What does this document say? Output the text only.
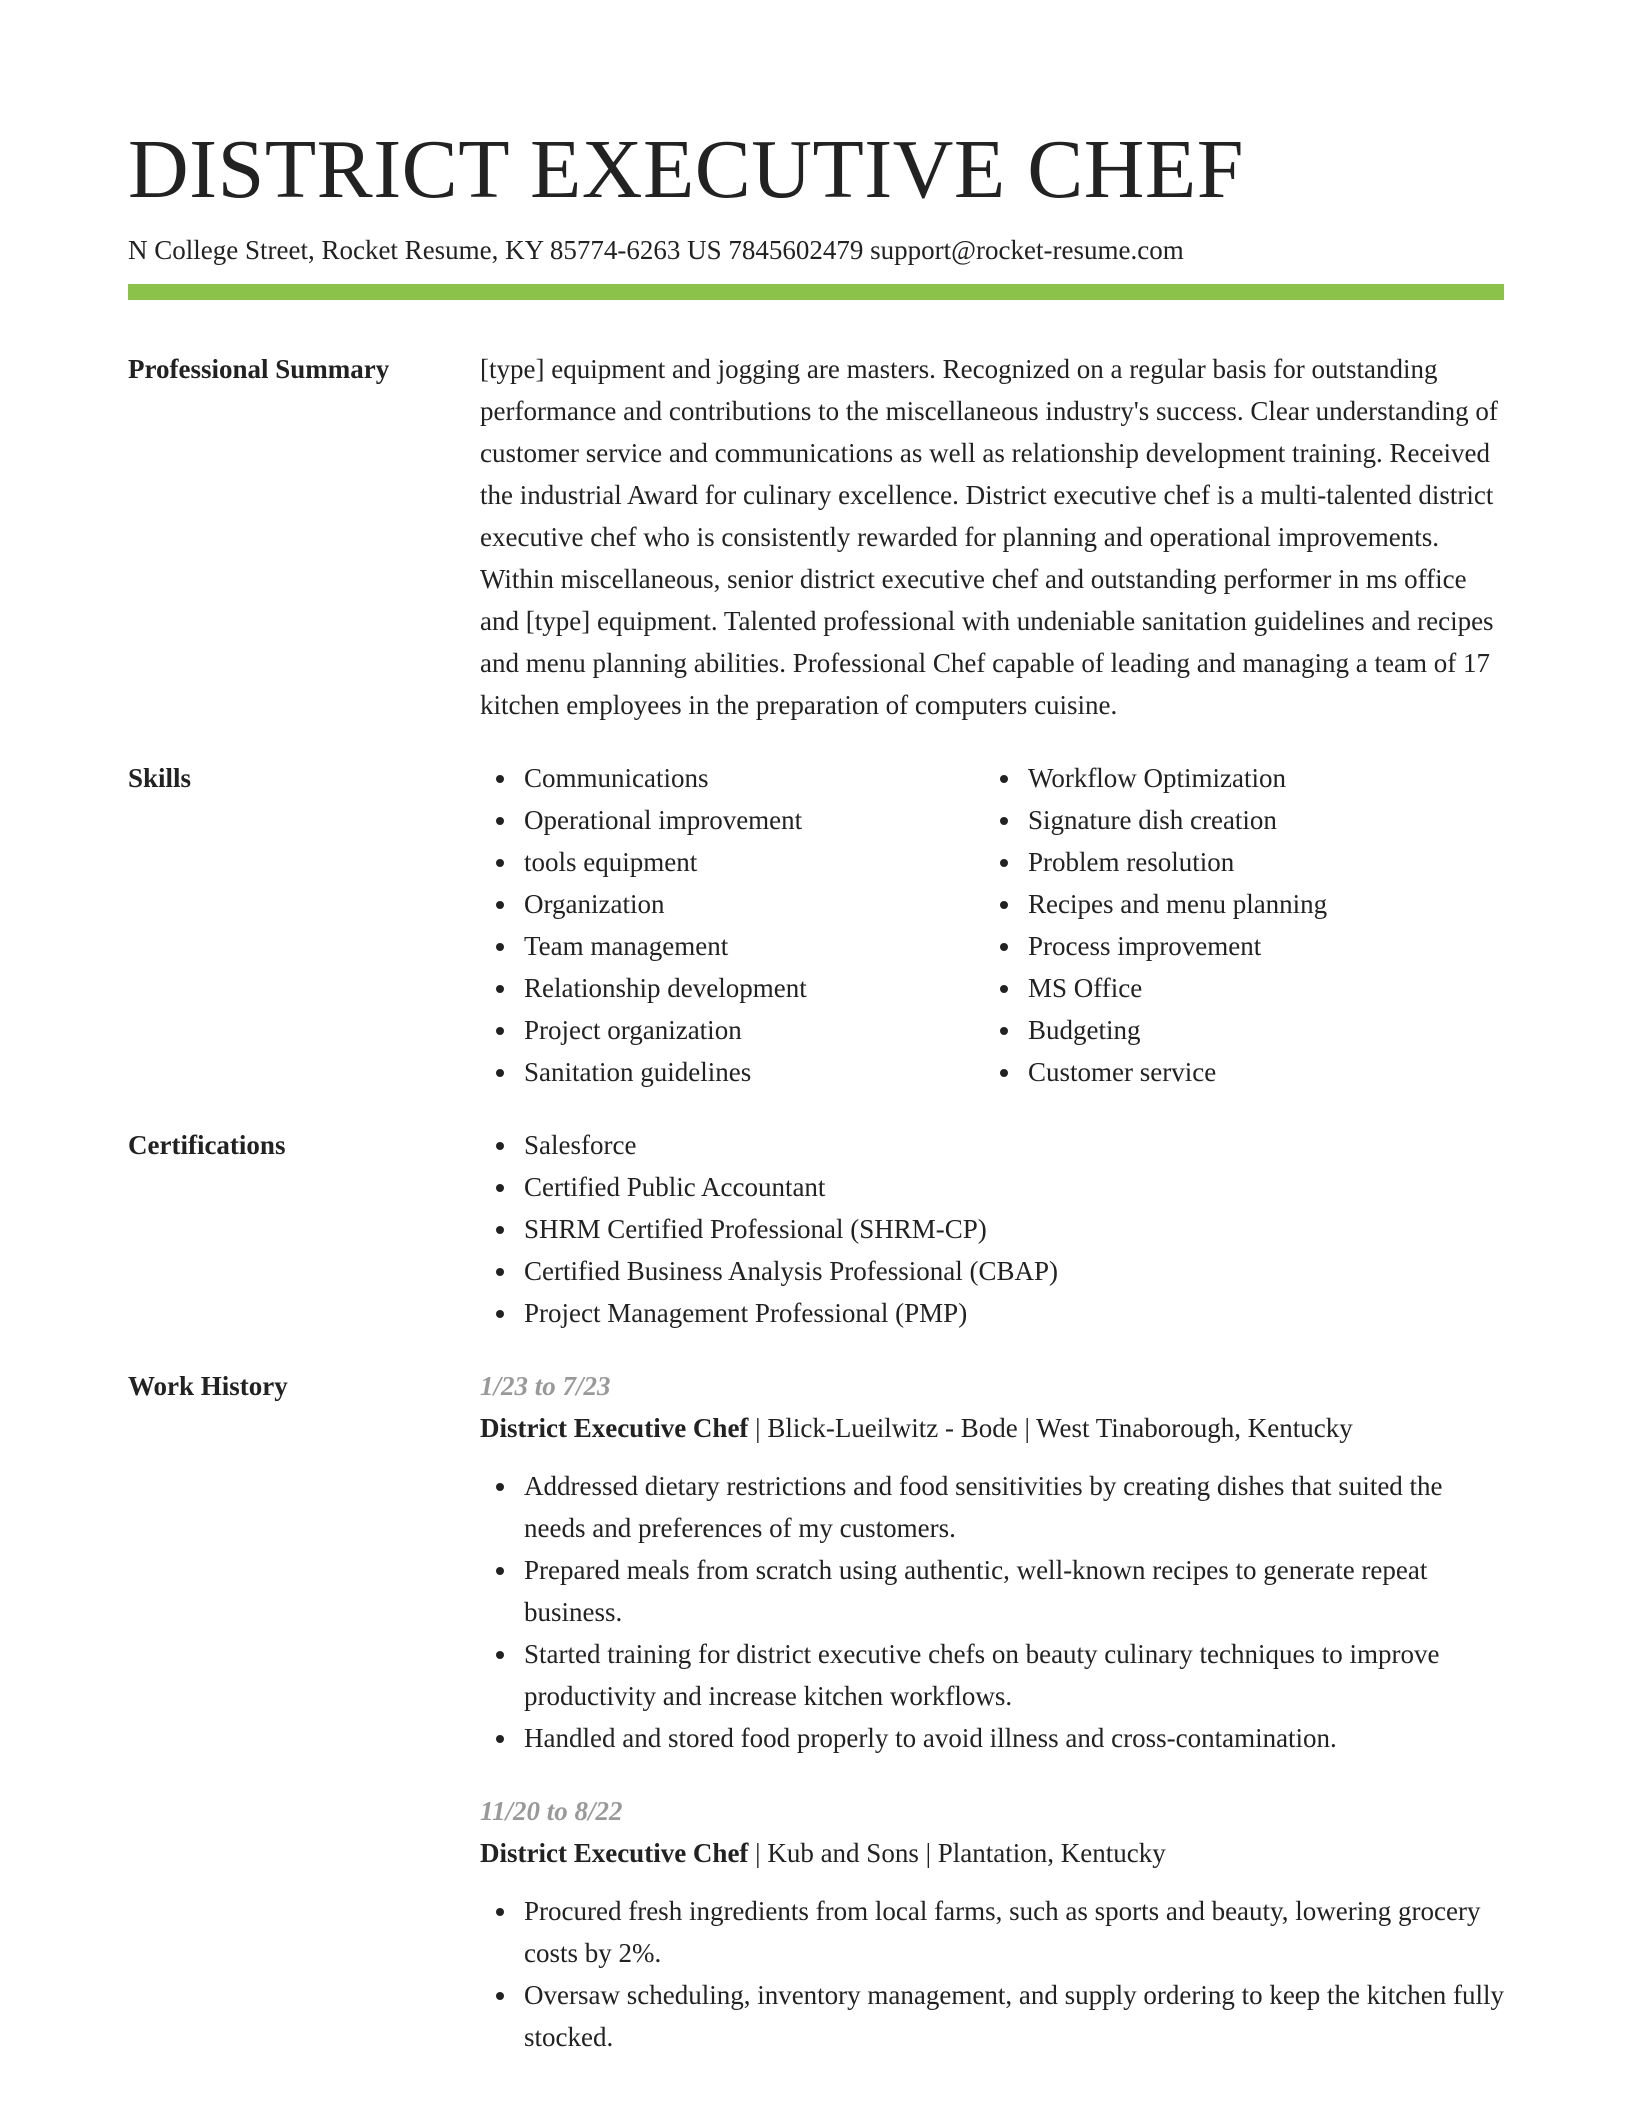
DISTRICT EXECUTIVE CHEF
N College Street, Rocket Resume, KY 85774-6263 US 7845602479 support@rocket-resume.com
Professional Summary	[type] equipment and jogging are masters. Recognized on a regular basis for outstanding performance and contributions to the miscellaneous industry's success. Clear understanding of customer service and communications as well as relationship development training. Received the industrial Award for culinary excellence. District executive chef is a multi-talented district executive chef who is consistently rewarded for planning and operational improvements. Within miscellaneous, senior district executive chef and outstanding performer in ms office and [type] equipment. Talented professional with undeniable sanitation guidelines and recipes and menu planning abilities. Professional Chef capable of leading and managing a team of 17 kitchen employees in the preparation of computers cuisine.
Skills	Communications
Operational improvement
tools equipment
Organization
Team management
Relationship development
Project organization
Sanitation guidelines
Workflow Optimization
Signature dish creation
Problem resolution
Recipes and menu planning
Process improvement
MS Office
Budgeting
Customer service
Certifications	Salesforce
Certified Public Accountant
SHRM Certified Professional (SHRM-CP)
Certified Business Analysis Professional (CBAP)
Project Management Professional (PMP)
Work History	1/23 to 7/23
District Executive Chef | Blick-Lueilwitz - Bode | West Tinaborough, Kentucky
Addressed dietary restrictions and food sensitivities by creating dishes that suited the needs and preferences of my customers.
Prepared meals from scratch using authentic, well-known recipes to generate repeat business.
Started training for district executive chefs on beauty culinary techniques to improve productivity and increase kitchen workflows.
Handled and stored food properly to avoid illness and cross-contamination.
11/20 to 8/22
District Executive Chef | Kub and Sons | Plantation, Kentucky
Procured fresh ingredients from local farms, such as sports and beauty, lowering grocery costs by 2%.
Oversaw scheduling, inventory management, and supply ordering to keep the kitchen fully stocked.
